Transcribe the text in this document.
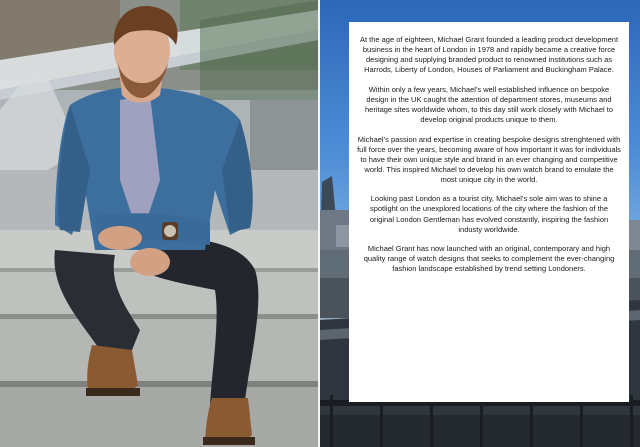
At the age of eighteen, Michael Grant founded a leading product development business in the heart of London in 1978 and rapidly became a creative force designing and supplying branded product to renowned institutions such as Harrods, Liberty of London, Houses of Parliament and Buckingham Palace.

Within only a few years, Michael’s well established influence on bespoke design in the UK caught the attention of department stores, museums and heritage sites worldwide whom, to this day still work closely with Michael to develop original products unique to them.

Michael’s passion and expertise in creating bespoke designs strenghtened with full force over the years, becoming aware of how important it was for individuals to have their own unique style and brand in an ever changing and competitive world. This inspired Michael to develop his own watch brand to emulate the most unique city in the world.

Looking past London as a tourist city, Michael’s sole aim was to shine a spotlight on the unexplored locations of the city where the fashion of the original London Gentleman has evolved constantly, inspiring the fashion industy worldwide.

Michael Grant has now launched with an original, contemporary and high quality range of watch designs that seeks to complement the ever-changing fashion landscape established by trend setting Londoners.
